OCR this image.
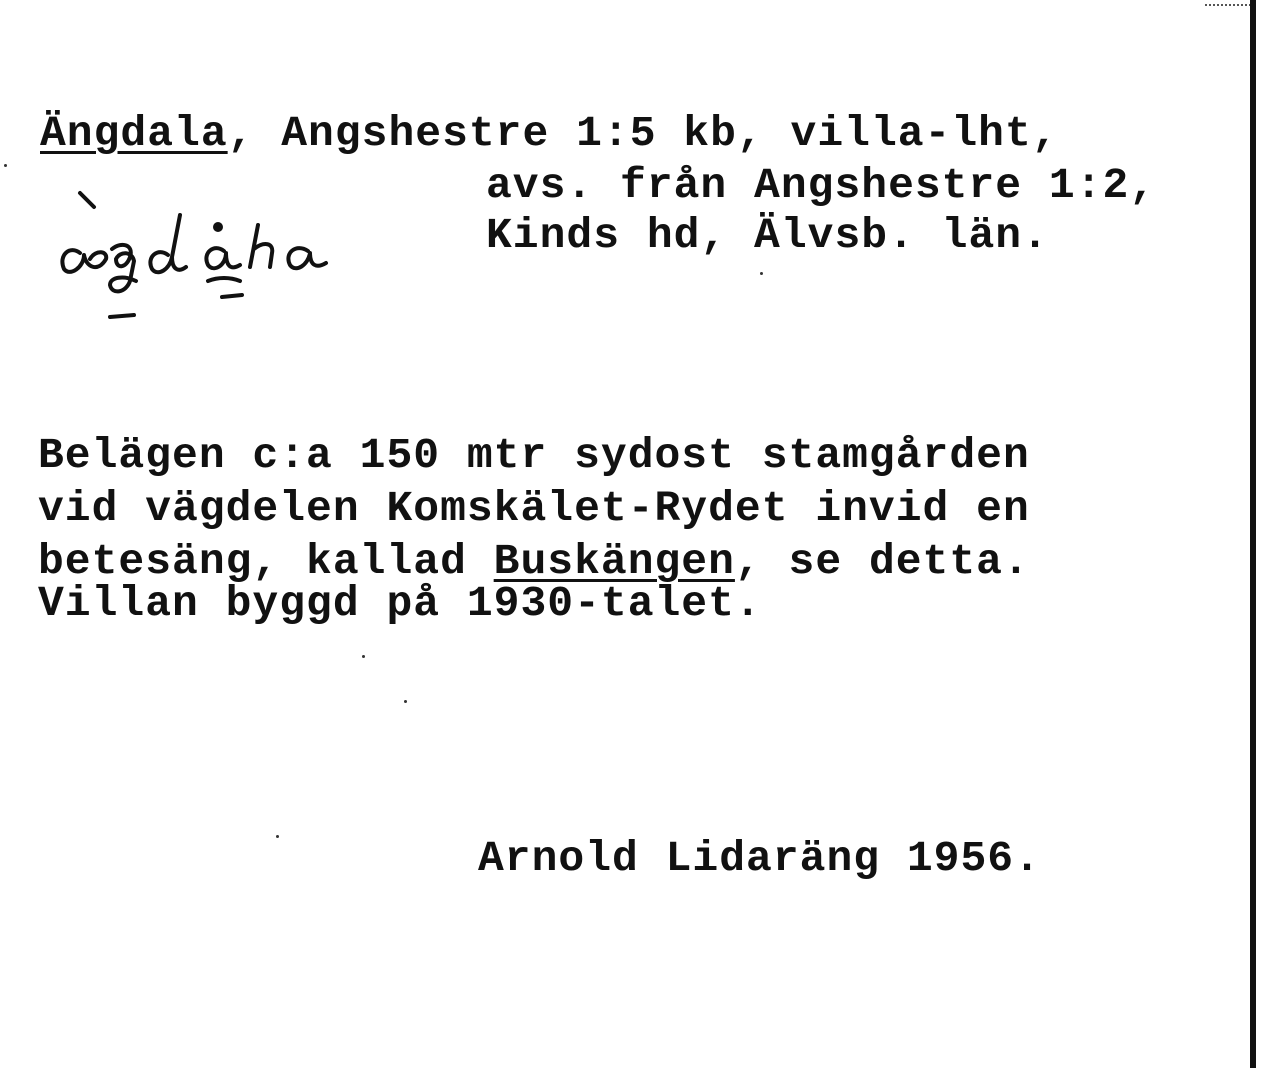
Ängdala, Angshestre 1:5 kb, villa-lht,
avs. från Angshestre 1:2,
Kinds hd, Älvsb. län.
Belägen c:a 150 mtr sydost stamgården
vid vägdelen Komskälet-Rydet invid en
betesäng, kallad Buskängen, se detta.
Villan byggd på 1930-talet.
Arnold Lidaräng 1956.
